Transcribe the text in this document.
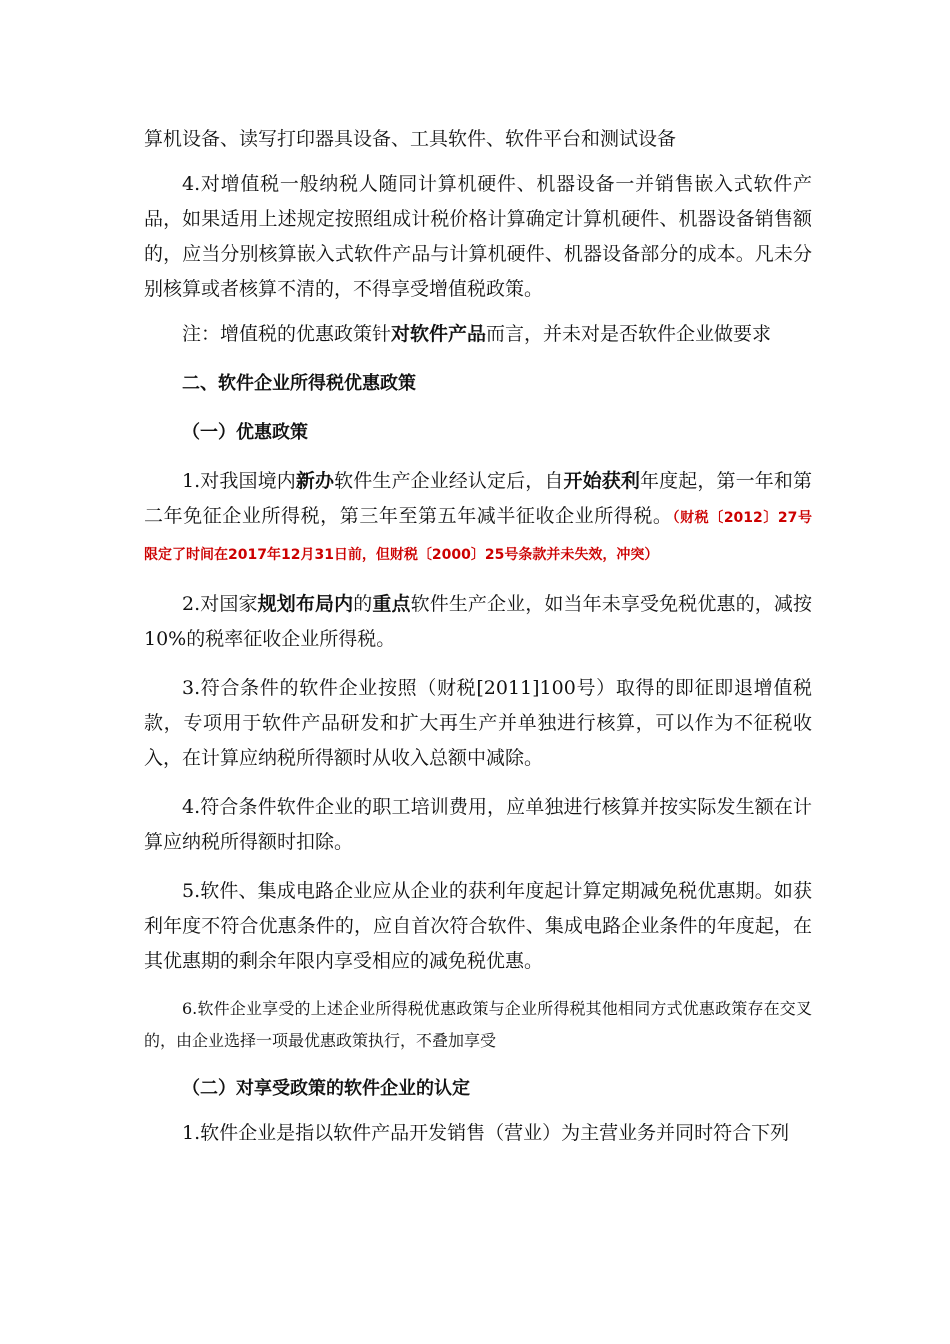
算机设备、读写打印器具设备、工具软件、软件平台和测试设备

4.对增值税一般纳税人随同计算机硬件、机器设备一并销售嵌入式软件产品，如果适用上述规定按照组成计税价格计算确定计算机硬件、机器设备销售额的，应当分别核算嵌入式软件产品与计算机硬件、机器设备部分的成本。凡未分别核算或者核算不清的，不得享受增值税政策。

注：增值税的优惠政策针对软件产品而言，并未对是否软件企业做要求

二、软件企业所得税优惠政策

（一）优惠政策

1.对我国境内新办软件生产企业经认定后，自开始获利年度起，第一年和第二年免征企业所得税，第三年至第五年减半征收企业所得税。（财税〔2012〕27号　限定了时间在2017年12月31日前，但财税〔2000〕25号条款并未失效，冲突）

2.对国家规划布局内的重点软件生产企业，如当年未享受免税优惠的，减按10%的税率征收企业所得税。

3.符合条件的软件企业按照（财税[2011]100号）取得的即征即退增值税款，专项用于软件产品研发和扩大再生产并单独进行核算，可以作为不征税收入，在计算应纳税所得额时从收入总额中减除。

4.符合条件软件企业的职工培训费用，应单独进行核算并按实际发生额在计算应纳税所得额时扣除。

5.软件、集成电路企业应从企业的获利年度起计算定期减免税优惠期。如获利年度不符合优惠条件的，应自首次符合软件、集成电路企业条件的年度起，在其优惠期的剩余年限内享受相应的减免税优惠。

6.软件企业享受的上述企业所得税优惠政策与企业所得税其他相同方式优惠政策存在交叉的，由企业选择一项最优惠政策执行，不叠加享受

（二）对享受政策的软件企业的认定

1.软件企业是指以软件产品开发销售（营业）为主营业务并同时符合下列
